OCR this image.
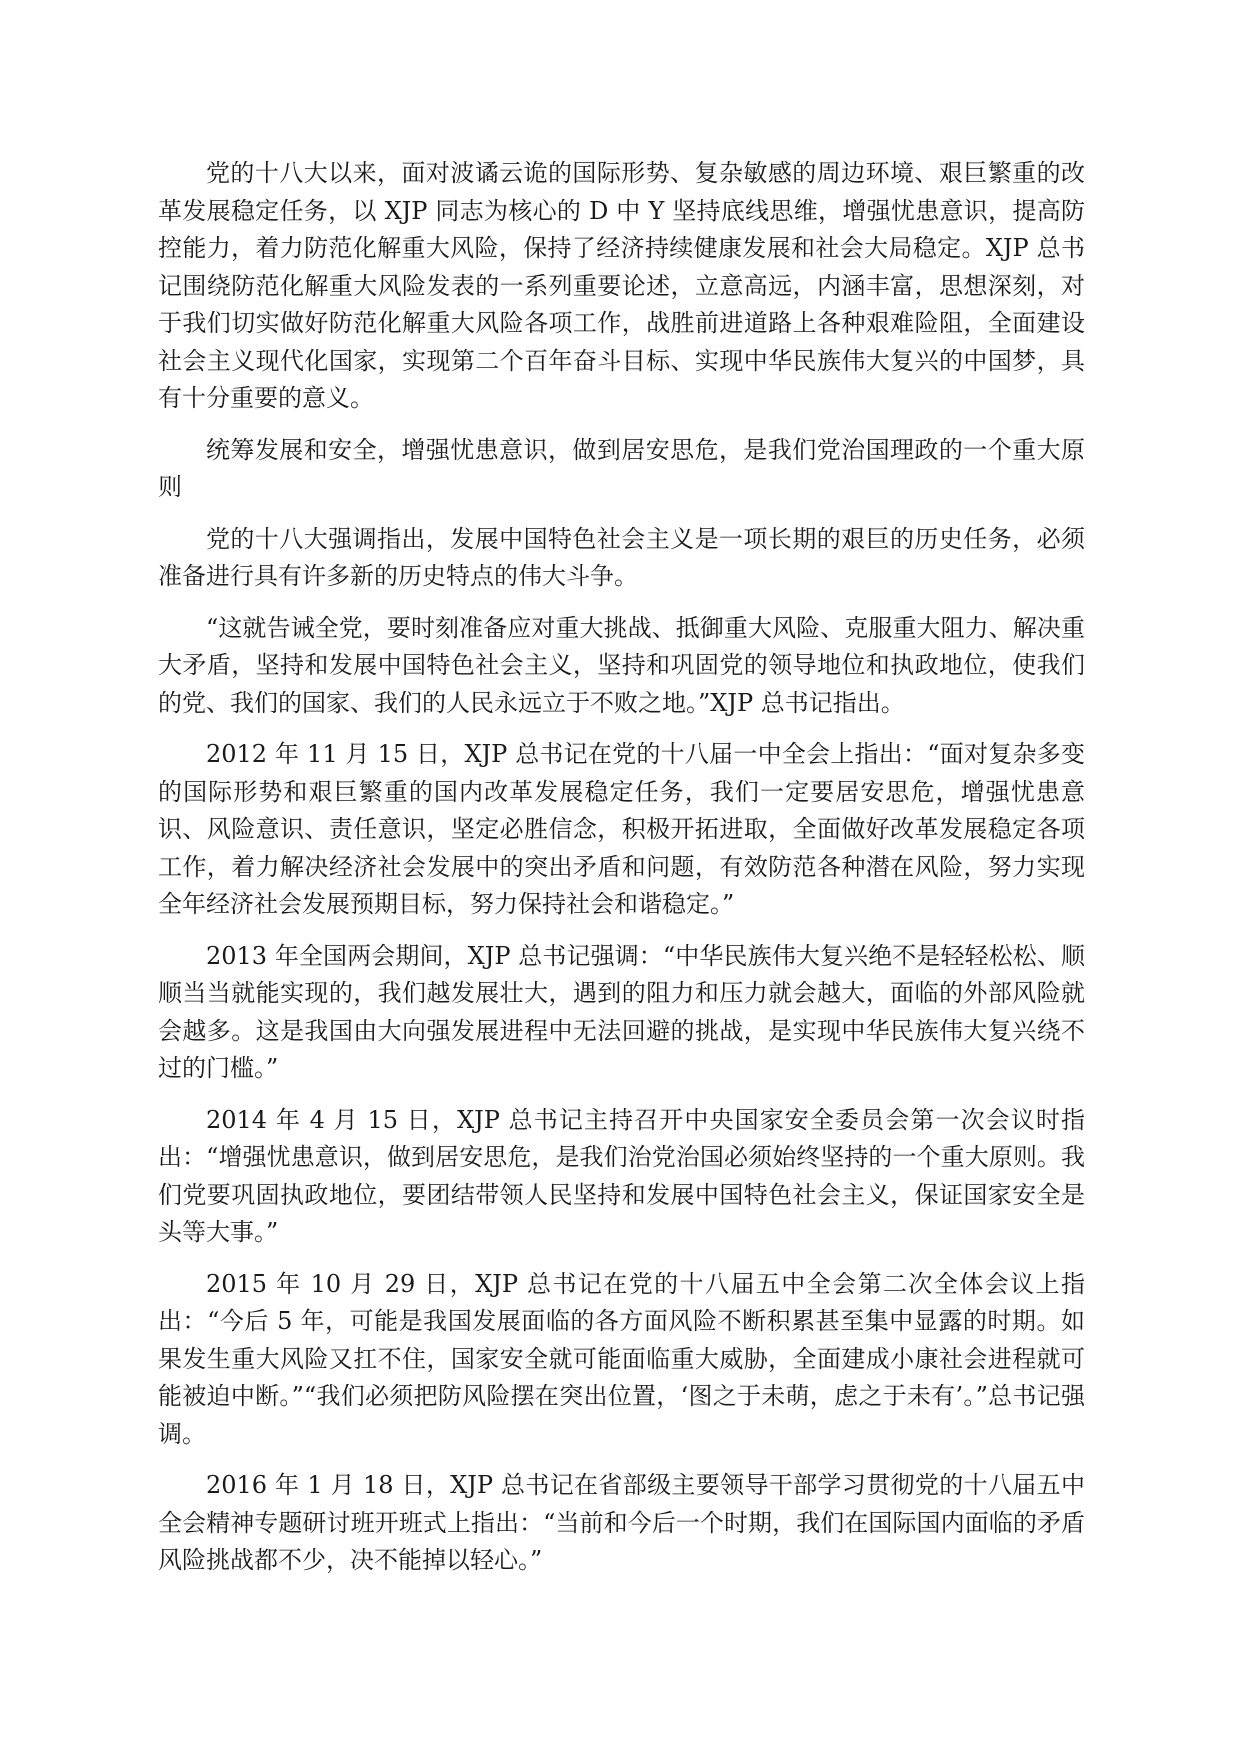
党的十八大以来，面对波谲云诡的国际形势、复杂敏感的周边环境、艰巨繁重的改革发展稳定任务，以 XJP 同志为核心的 D 中 Y 坚持底线思维，增强忧患意识，提高防控能力，着力防范化解重大风险，保持了经济持续健康发展和社会大局稳定。XJP 总书记围绕防范化解重大风险发表的一系列重要论述，立意高远，内涵丰富，思想深刻，对于我们切实做好防范化解重大风险各项工作，战胜前进道路上各种艰难险阻，全面建设社会主义现代化国家，实现第二个百年奋斗目标、实现中华民族伟大复兴的中国梦，具有十分重要的意义。

统筹发展和安全，增强忧患意识，做到居安思危，是我们党治国理政的一个重大原则

党的十八大强调指出，发展中国特色社会主义是一项长期的艰巨的历史任务，必须准备进行具有许多新的历史特点的伟大斗争。

“这就告诫全党，要时刻准备应对重大挑战、抵御重大风险、克服重大阻力、解决重大矛盾，坚持和发展中国特色社会主义，坚持和巩固党的领导地位和执政地位，使我们的党、我们的国家、我们的人民永远立于不败之地。”XJP 总书记指出。

2012 年 11 月 15 日，XJP 总书记在党的十八届一中全会上指出：“面对复杂多变的国际形势和艰巨繁重的国内改革发展稳定任务，我们一定要居安思危，增强忧患意识、风险意识、责任意识，坚定必胜信念，积极开拓进取，全面做好改革发展稳定各项工作，着力解决经济社会发展中的突出矛盾和问题，有效防范各种潜在风险，努力实现全年经济社会发展预期目标，努力保持社会和谐稳定。”

2013 年全国两会期间，XJP 总书记强调：“中华民族伟大复兴绝不是轻轻松松、顺顺当当就能实现的，我们越发展壮大，遇到的阻力和压力就会越大，面临的外部风险就会越多。这是我国由大向强发展进程中无法回避的挑战，是实现中华民族伟大复兴绕不过的门槛。”

2014 年 4 月 15 日，XJP 总书记主持召开中央国家安全委员会第一次会议时指出：“增强忧患意识，做到居安思危，是我们治党治国必须始终坚持的一个重大原则。我们党要巩固执政地位，要团结带领人民坚持和发展中国特色社会主义，保证国家安全是头等大事。”

2015 年 10 月 29 日，XJP 总书记在党的十八届五中全会第二次全体会议上指出：“今后 5 年，可能是我国发展面临的各方面风险不断积累甚至集中显露的时期。如果发生重大风险又扛不住，国家安全就可能面临重大威胁，全面建成小康社会进程就可能被迫中断。”“我们必须把防风险摆在突出位置，‘图之于未萌，虑之于未有’。”总书记强调。

2016 年 1 月 18 日，XJP 总书记在省部级主要领导干部学习贯彻党的十八届五中全会精神专题研讨班开班式上指出：“当前和今后一个时期，我们在国际国内面临的矛盾风险挑战都不少，决不能掉以轻心。”
